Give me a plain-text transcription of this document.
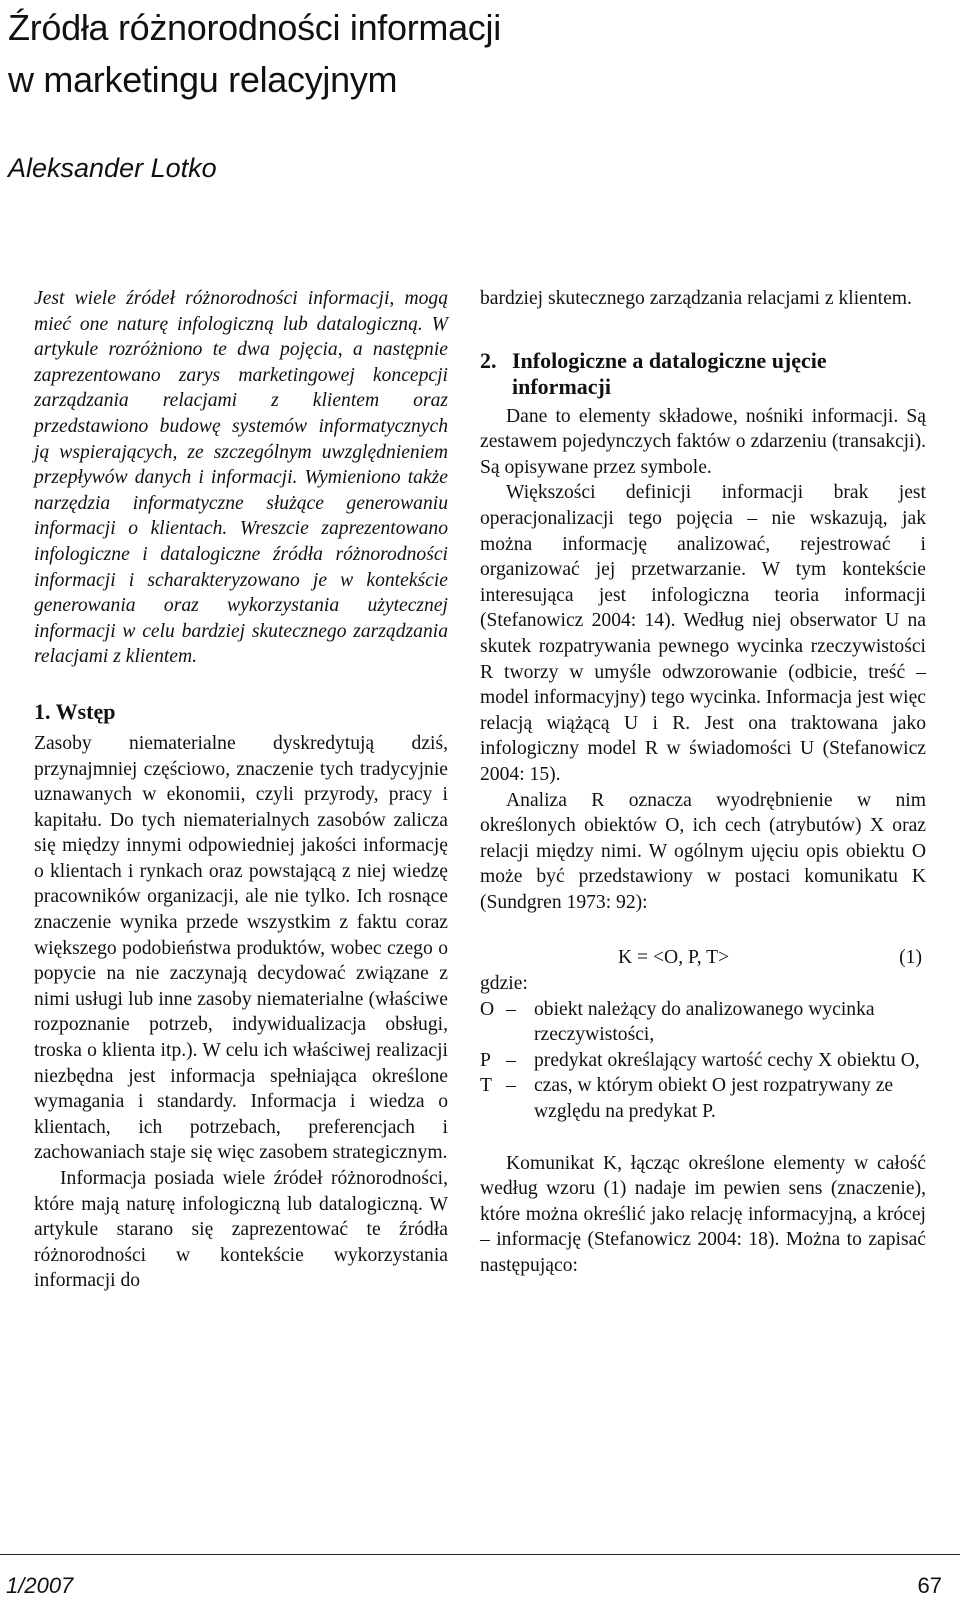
Źródła różnorodności informacji
w marketingu relacyjnym

Aleksander Lotko

Jest wiele źródeł różnorodności informacji, mogą mieć one naturę infologiczną lub datalogiczną. W artykule rozróżniono te dwa pojęcia, a następnie zaprezentowano zarys marketingowej koncepcji zarządzania relacjami z klientem oraz przedstawiono budowę systemów informatycznych ją wspierających, ze szczególnym uwzględnieniem przepływów danych i informacji. Wymieniono także narzędzia informatyczne służące generowaniu informacji o klientach. Wreszcie zaprezentowano infologiczne i datalogiczne źródła różnorodności informacji i scharakteryzowano je w kontekście generowania oraz wykorzystania użytecznej informacji w celu bardziej skutecznego zarządzania relacjami z klientem.

1. Wstęp

Zasoby niematerialne dyskredytują dziś, przynajmniej częściowo, znaczenie tych tradycyjnie uznawanych w ekonomii, czyli przyrody, pracy i kapitału. Do tych niematerialnych zasobów zalicza się między innymi odpowiedniej jakości informację o klientach i rynkach oraz powstającą z niej wiedzę pracowników organizacji, ale nie tylko. Ich rosnące znaczenie wynika przede wszystkim z faktu coraz większego podobieństwa produktów, wobec czego o popycie na nie zaczynają decydować związane z nimi usługi lub inne zasoby niematerialne (właściwe rozpoznanie potrzeb, indywidualizacja obsługi, troska o klienta itp.). W celu ich właściwej realizacji niezbędna jest informacja spełniająca określone wymagania i standardy. Informacja i wiedza o klientach, ich potrzebach, preferencjach i zachowaniach staje się więc zasobem strategicznym.

Informacja posiada wiele źródeł różnorodności, które mają naturę infologiczną lub datalogiczną. W artykule starano się zaprezentować te źródła różnorodności w kontekście wykorzystania informacji do

bardziej skutecznego zarządzania relacjami z klientem.

2. Infologiczne a datalogiczne ujęcie informacji

Dane to elementy składowe, nośniki informacji. Są zestawem pojedynczych faktów o zdarzeniu (transakcji). Są opisywane przez symbole.

Większości definicji informacji brak jest operacjonalizacji tego pojęcia – nie wskazują, jak można informację analizować, rejestrować i organizować jej przetwarzanie. W tym kontekście interesująca jest infologiczna teoria informacji (Stefanowicz 2004: 14). Według niej obserwator U na skutek rozpatrywania pewnego wycinka rzeczywistości R tworzy w umyśle odwzorowanie (odbicie, treść – model informacyjny) tego wycinka. Informacja jest więc relacją wiążącą U i R. Jest ona traktowana jako infologiczny model R w świadomości U (Stefanowicz 2004: 15).

Analiza R oznacza wyodrębnienie w nim określonych obiektów O, ich cech (atrybutów) X oraz relacji między nimi. W ogólnym ujęciu opis obiektu O może być przedstawiony w postaci komunikatu K (Sundgren 1973: 92):

K = <O, P, T>	(1)

gdzie:

O – obiekt należący do analizowanego wycinka rzeczywistości,
P – predykat określający wartość cechy X obiektu O,
T – czas, w którym obiekt O jest rozpatrywany ze względu na predykat P.

Komunikat K, łącząc określone elementy w całość według wzoru (1) nadaje im pewien sens (znaczenie), które można określić jako relację informacyjną, a krócej – informację (Stefanowicz 2004: 18). Można to zapisać następująco:

1/2007	67
